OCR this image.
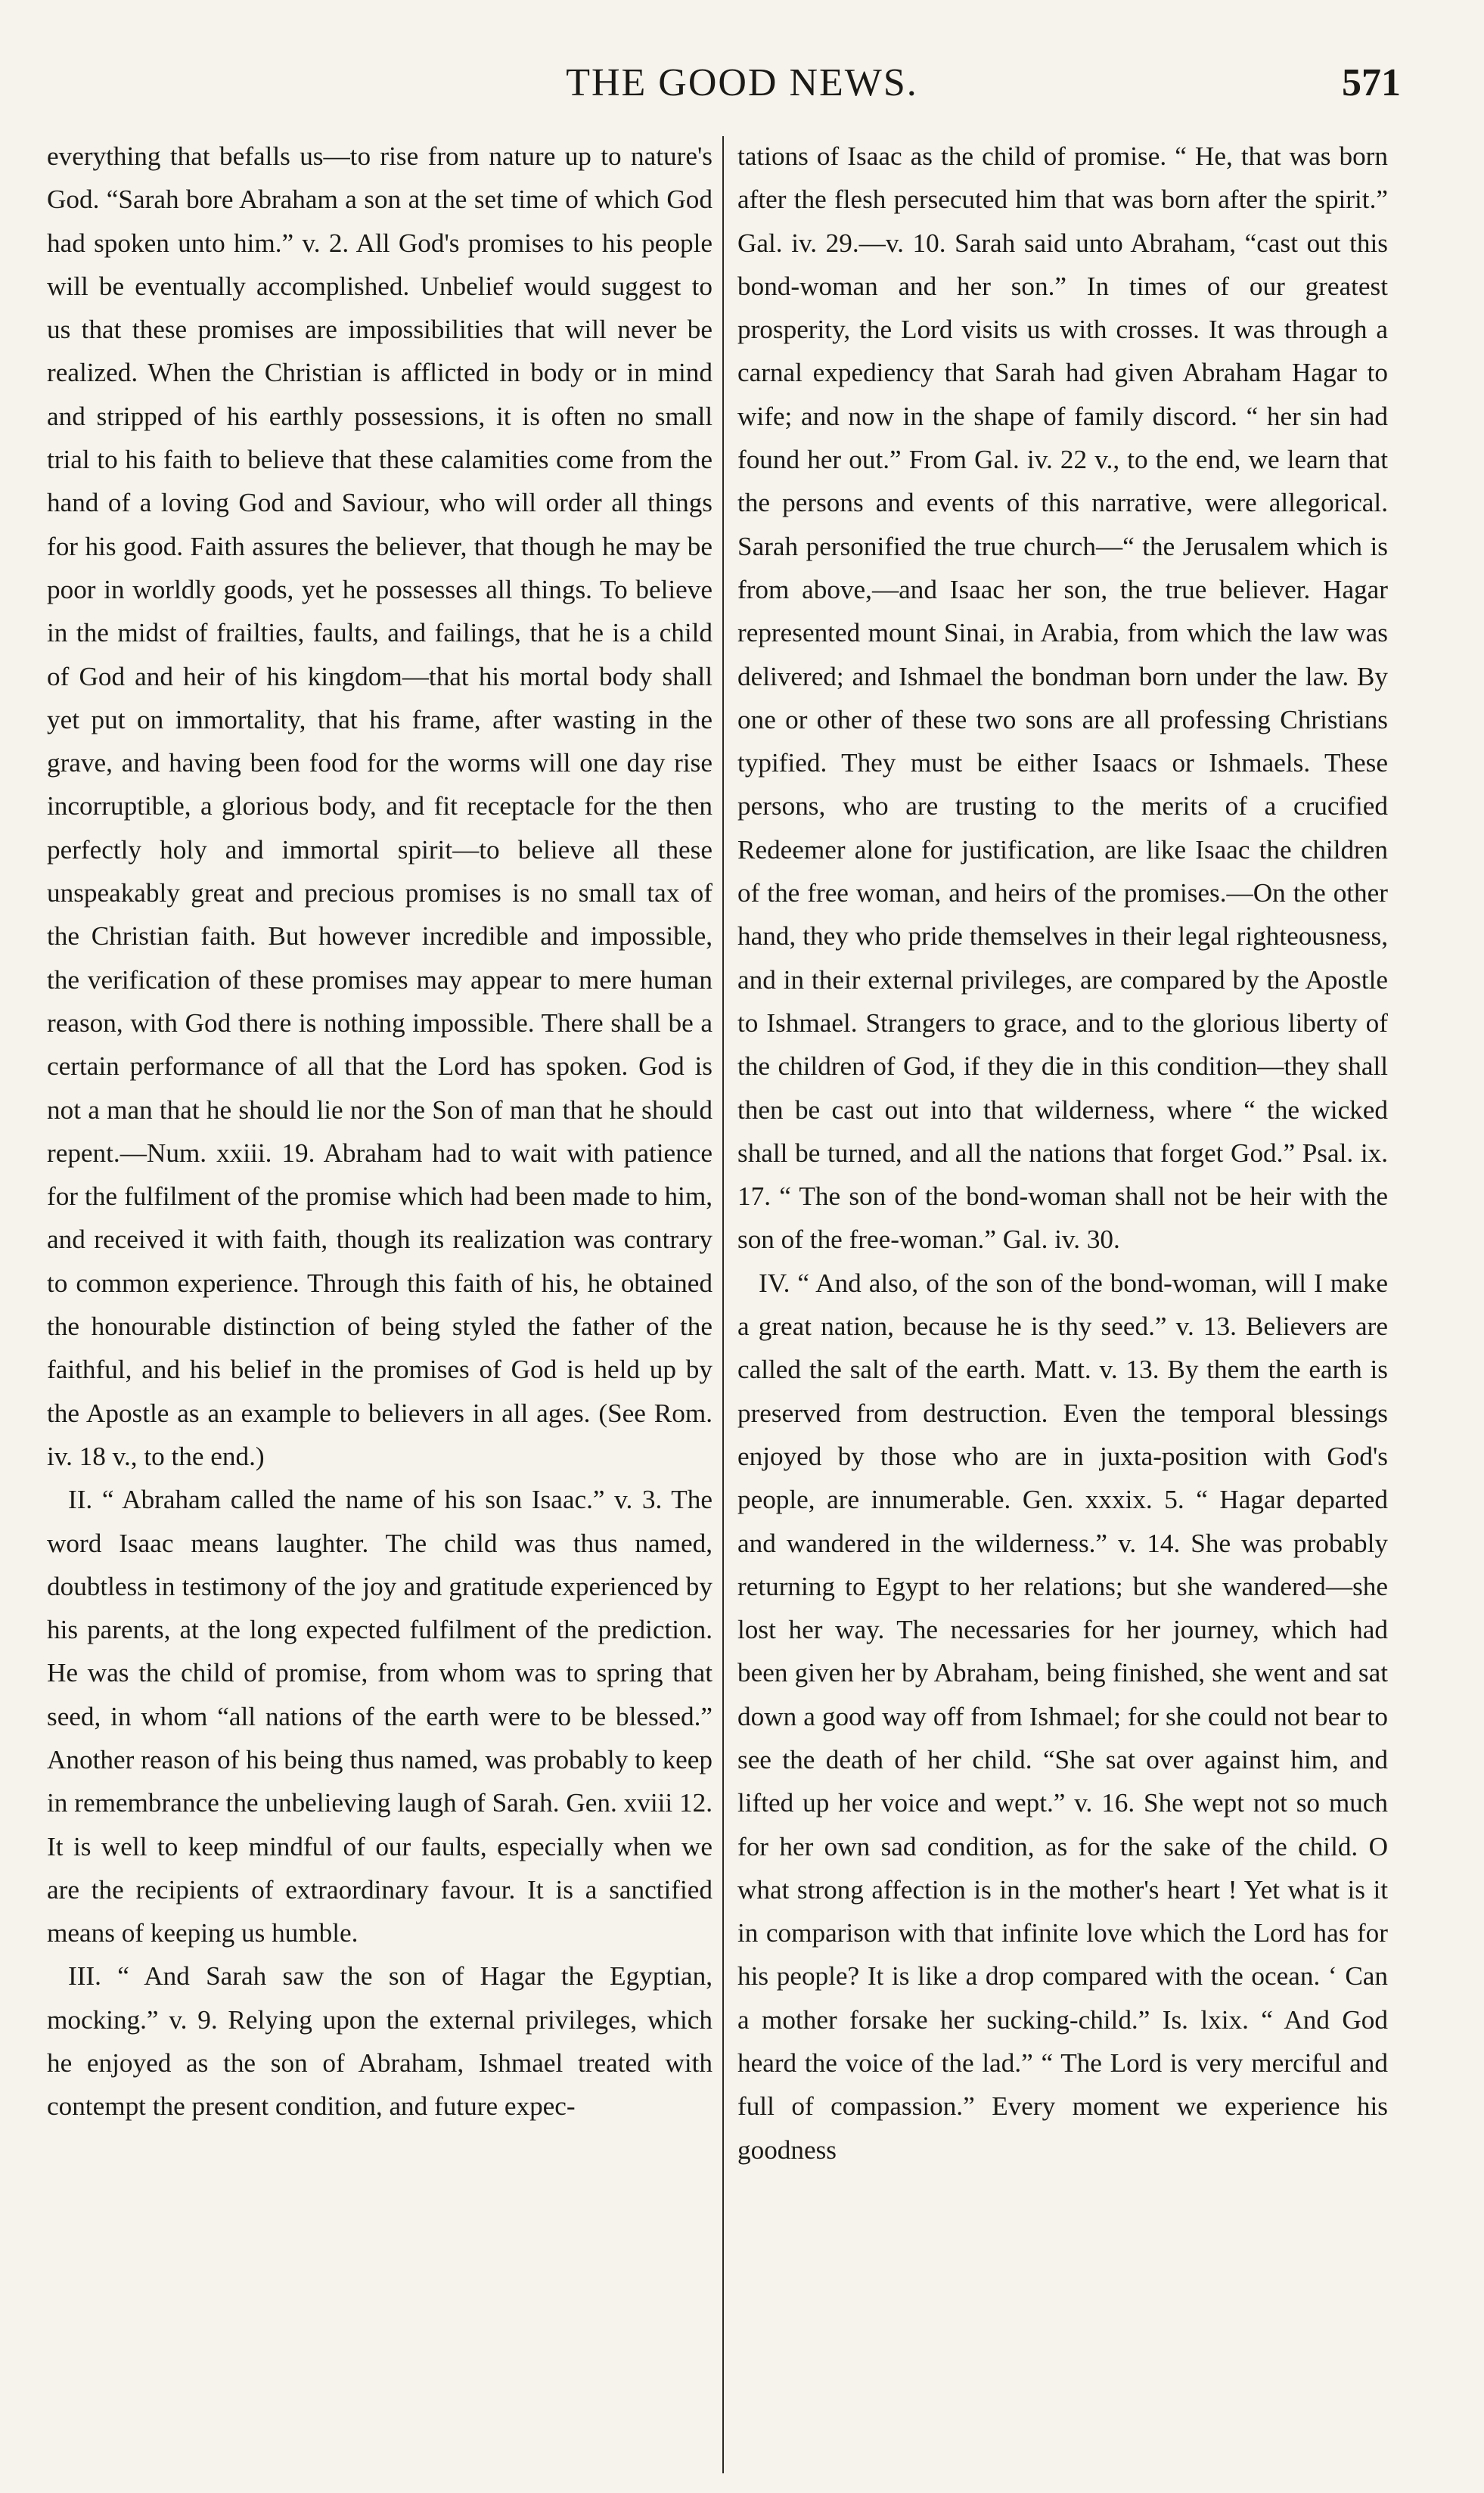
THE GOOD NEWS.	571

everything that befalls us—to rise from nature up to nature's God. “Sarah bore Abraham a son at the set time of which God had spoken unto him.” v. 2. All God's promises to his people will be eventually accomplished. Unbelief would suggest to us that these promises are impossibilities that will never be realized. When the Christian is afflicted in body or in mind and stripped of his earthly possessions, it is often no small trial to his faith to believe that these calamities come from the hand of a loving God and Saviour, who will order all things for his good. Faith assures the believer, that though he may be poor in worldly goods, yet he possesses all things. To believe in the midst of frailties, faults, and failings, that he is a child of God and heir of his kingdom—that his mortal body shall yet put on immortality, that his frame, after wasting in the grave, and having been food for the worms will one day rise incorruptible, a glorious body, and fit receptacle for the then perfectly holy and immortal spirit—to believe all these unspeakably great and precious promises is no small tax of the Christian faith. But however incredible and impossible, the verification of these promises may appear to mere human reason, with God there is nothing impossible. There shall be a certain performance of all that the Lord has spoken. God is not a man that he should lie nor the Son of man that he should repent.—Num. xxiii. 19. Abraham had to wait with patience for the fulfilment of the promise which had been made to him, and received it with faith, though its realization was contrary to common experience. Through this faith of his, he obtained the honourable distinction of being styled the father of the faithful, and his belief in the promises of God is held up by the Apostle as an example to believers in all ages. (See Rom. iv. 18 v., to the end.)

II. “ Abraham called the name of his son Isaac.” v. 3. The word Isaac means laughter. The child was thus named, doubtless in testimony of the joy and gratitude experienced by his parents, at the long expected fulfilment of the prediction. He was the child of promise, from whom was to spring that seed, in whom “all nations of the earth were to be blessed.” Another reason of his being thus named, was probably to keep in remembrance the unbelieving laugh of Sarah. Gen. xviii 12. It is well to keep mindful of our faults, especially when we are the recipients of extraordinary favour. It is a sanctified means of keeping us humble.

III. “ And Sarah saw the son of Hagar the Egyptian, mocking.” v. 9. Relying upon the external privileges, which he enjoyed as the son of Abraham, Ishmael treated with contempt the present condition, and future expec-

tations of Isaac as the child of promise. “ He, that was born after the flesh persecuted him that was born after the spirit.” Gal. iv. 29.—v. 10. Sarah said unto Abraham, “cast out this bond-woman and her son.” In times of our greatest prosperity, the Lord visits us with crosses. It was through a carnal expediency that Sarah had given Abraham Hagar to wife; and now in the shape of family discord. “ her sin had found her out.” From Gal. iv. 22 v., to the end, we learn that the persons and events of this narrative, were allegorical. Sarah personified the true church—“ the Jerusalem which is from above,—and Isaac her son, the true believer. Hagar represented mount Sinai, in Arabia, from which the law was delivered; and Ishmael the bondman born under the law. By one or other of these two sons are all professing Christians typified. They must be either Isaacs or Ishmaels. These persons, who are trusting to the merits of a crucified Redeemer alone for justification, are like Isaac the children of the free woman, and heirs of the promises.—On the other hand, they who pride themselves in their legal righteousness, and in their external privileges, are compared by the Apostle to Ishmael. Strangers to grace, and to the glorious liberty of the children of God, if they die in this condition—they shall then be cast out into that wilderness, where “ the wicked shall be turned, and all the nations that forget God.” Psal. ix. 17. “ The son of the bond-woman shall not be heir with the son of the free-woman.” Gal. iv. 30.

IV. “ And also, of the son of the bond-woman, will I make a great nation, because he is thy seed.” v. 13. Believers are called the salt of the earth. Matt. v. 13. By them the earth is preserved from destruction. Even the temporal blessings enjoyed by those who are in juxta-position with God's people, are innumerable. Gen. xxxix. 5. “ Hagar departed and wandered in the wilderness.” v. 14. She was probably returning to Egypt to her relations; but she wandered—she lost her way. The necessaries for her journey, which had been given her by Abraham, being finished, she went and sat down a good way off from Ishmael; for she could not bear to see the death of her child. “She sat over against him, and lifted up her voice and wept.” v. 16. She wept not so much for her own sad condition, as for the sake of the child. O what strong affection is in the mother's heart ! Yet what is it in comparison with that infinite love which the Lord has for his people? It is like a drop compared with the ocean. ‘ Can a mother forsake her sucking-child.” Is. lxix. “ And God heard the voice of the lad.” “ The Lord is very merciful and full of compassion.” Every moment we experience his goodness
